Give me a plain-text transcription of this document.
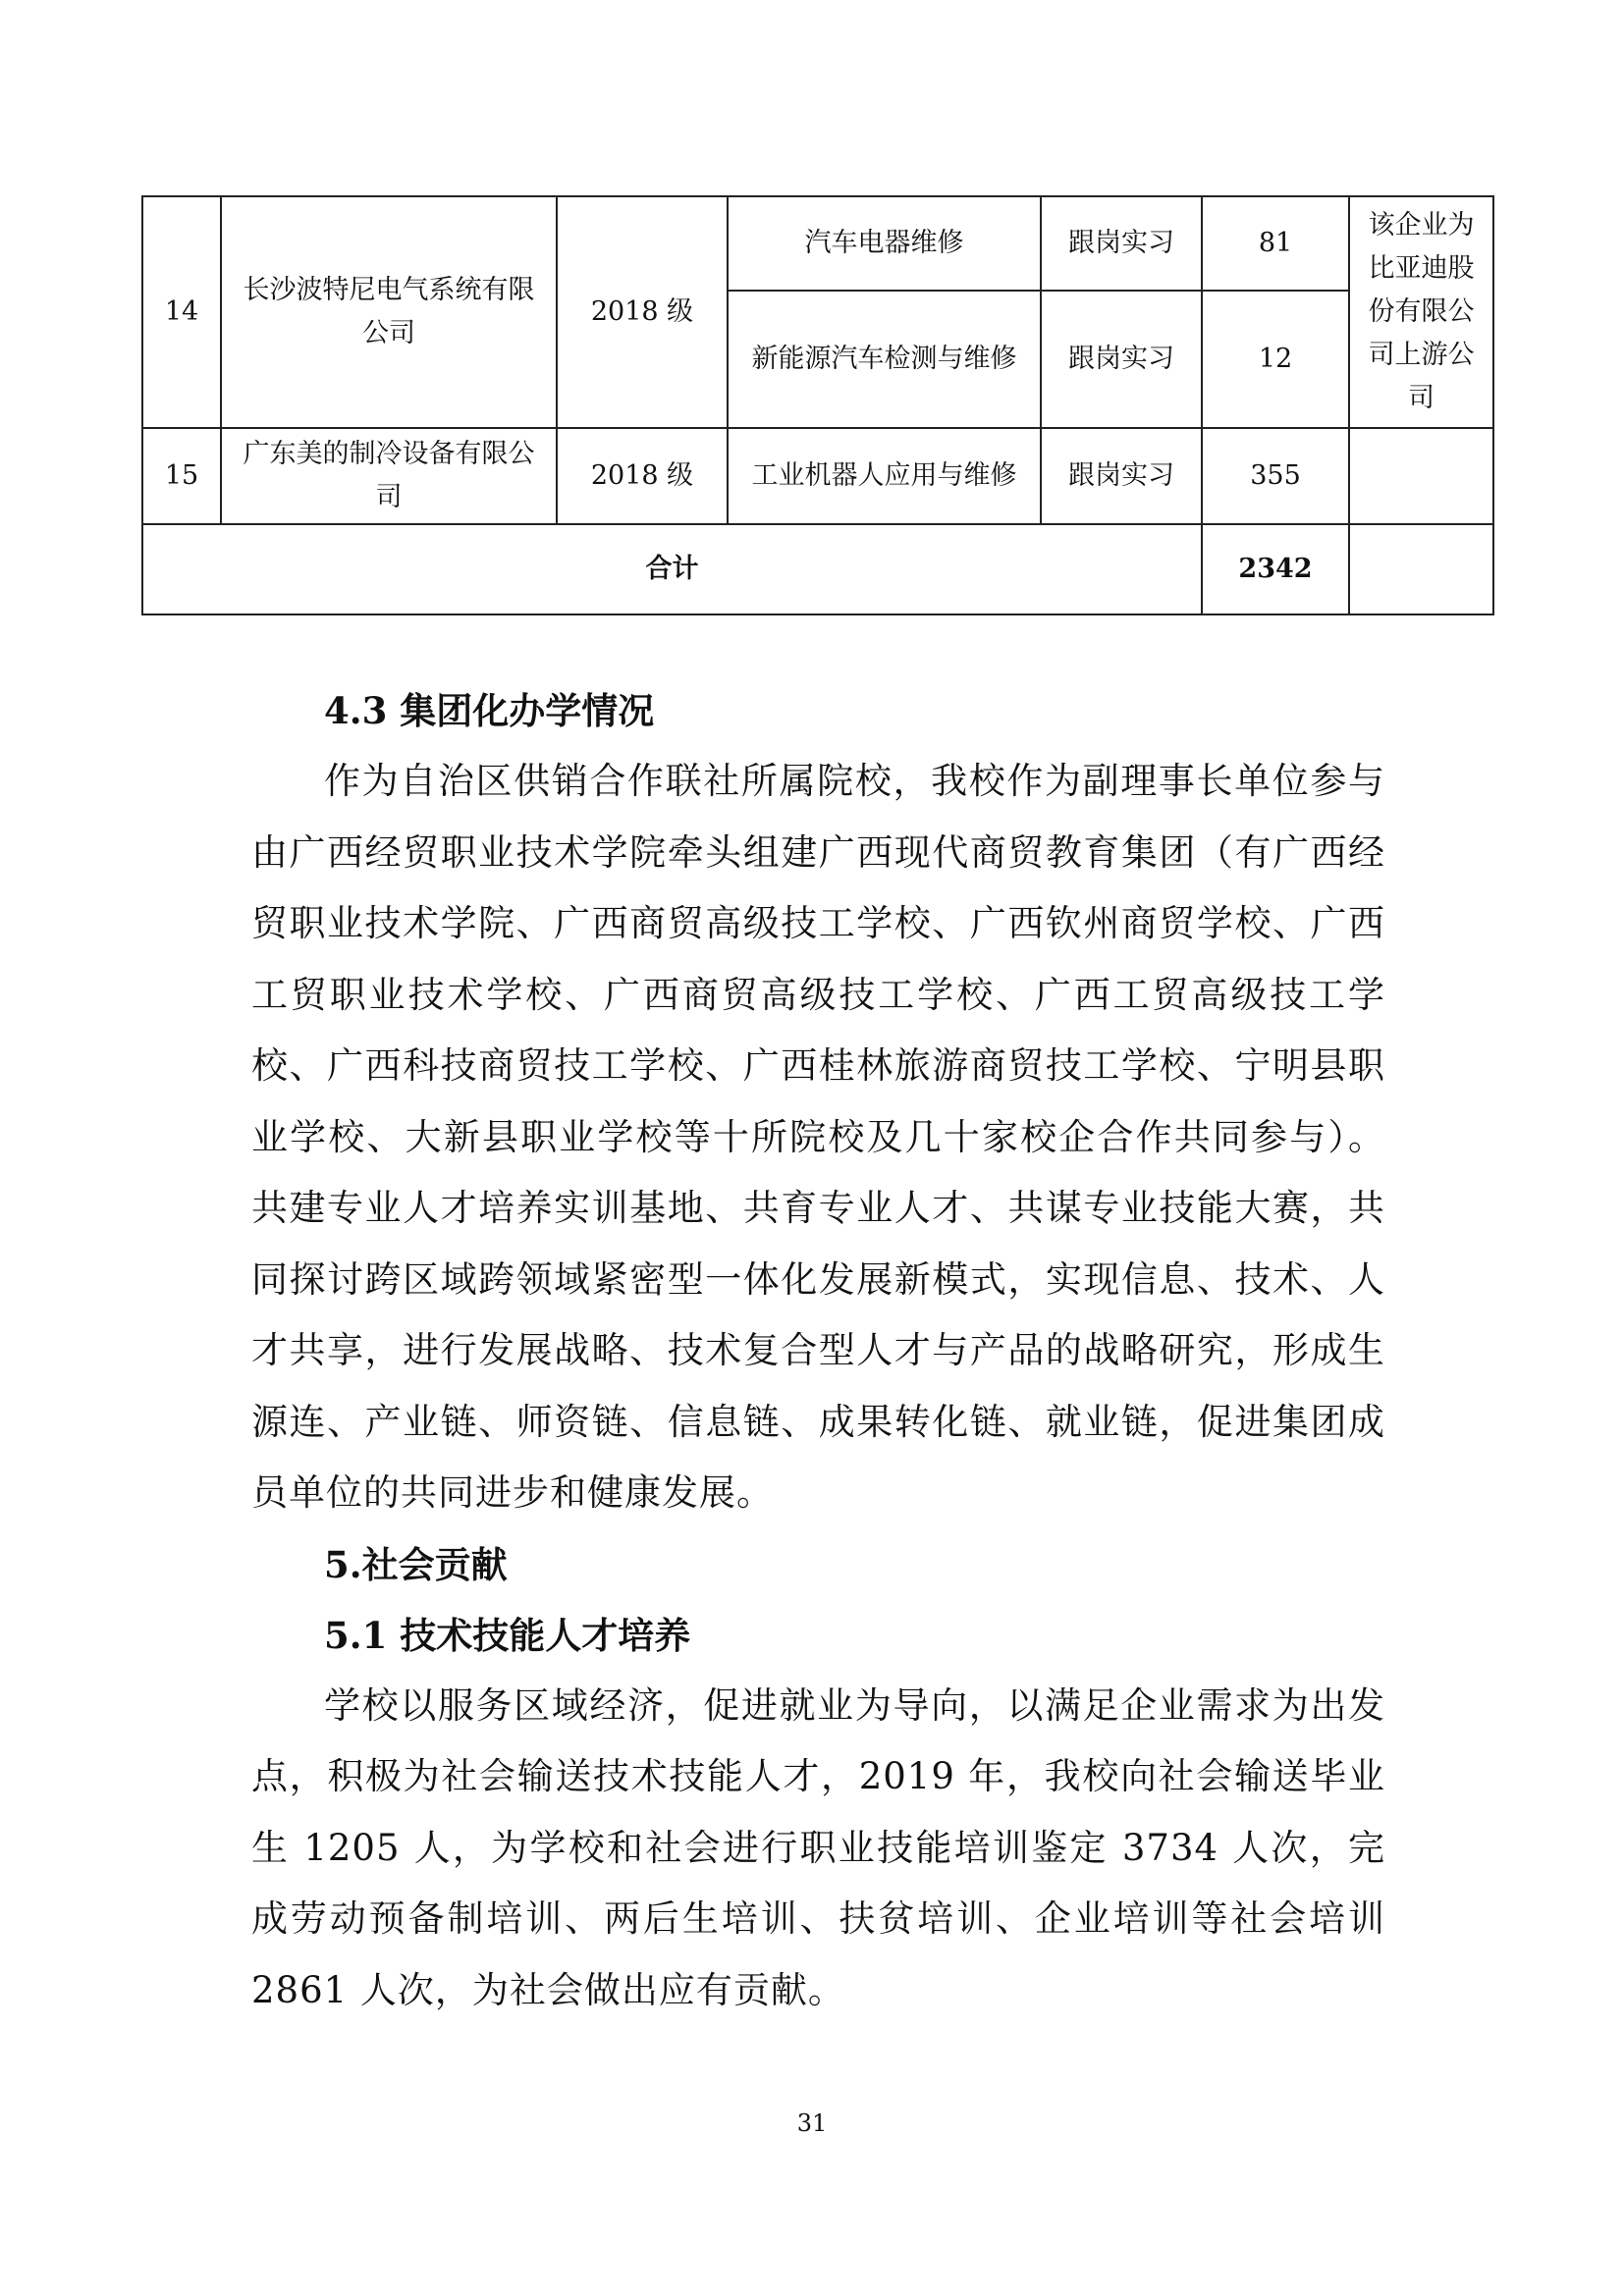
14	长沙波特尼电气系统有限公司	2018 级	汽车电器维修	跟岗实习	81	该企业为比亚迪股份有限公司上游公司
			新能源汽车检测与维修	跟岗实习	12	
15	广东美的制冷设备有限公司	2018 级	工业机器人应用与维修	跟岗实习	355	
合计					2342	
4.3 集团化办学情况

作为自治区供销合作联社所属院校，我校作为副理事长单位参与由广西经贸职业技术学院牵头组建广西现代商贸教育集团（有广西经贸职业技术学院、广西商贸高级技工学校、广西钦州商贸学校、广西工贸职业技术学校、广西商贸高级技工学校、广西工贸高级技工学校、广西科技商贸技工学校、广西桂林旅游商贸技工学校、宁明县职业学校、大新县职业学校等十所院校及几十家校企合作共同参与）。共建专业人才培养实训基地、共育专业人才、共谋专业技能大赛，共同探讨跨区域跨领域紧密型一体化发展新模式，实现信息、技术、人才共享，进行发展战略、技术复合型人才与产品的战略研究，形成生源连、产业链、师资链、信息链、成果转化链、就业链，促进集团成员单位的共同进步和健康发展。

5.社会贡献
5.1 技术技能人才培养

学校以服务区域经济，促进就业为导向，以满足企业需求为出发点，积极为社会输送技术技能人才，2019 年，我校向社会输送毕业生 1205 人，为学校和社会进行职业技能培训鉴定 3734 人次，完成劳动预备制培训、两后生培训、扶贫培训、企业培训等社会培训 2861 人次，为社会做出应有贡献。

31
